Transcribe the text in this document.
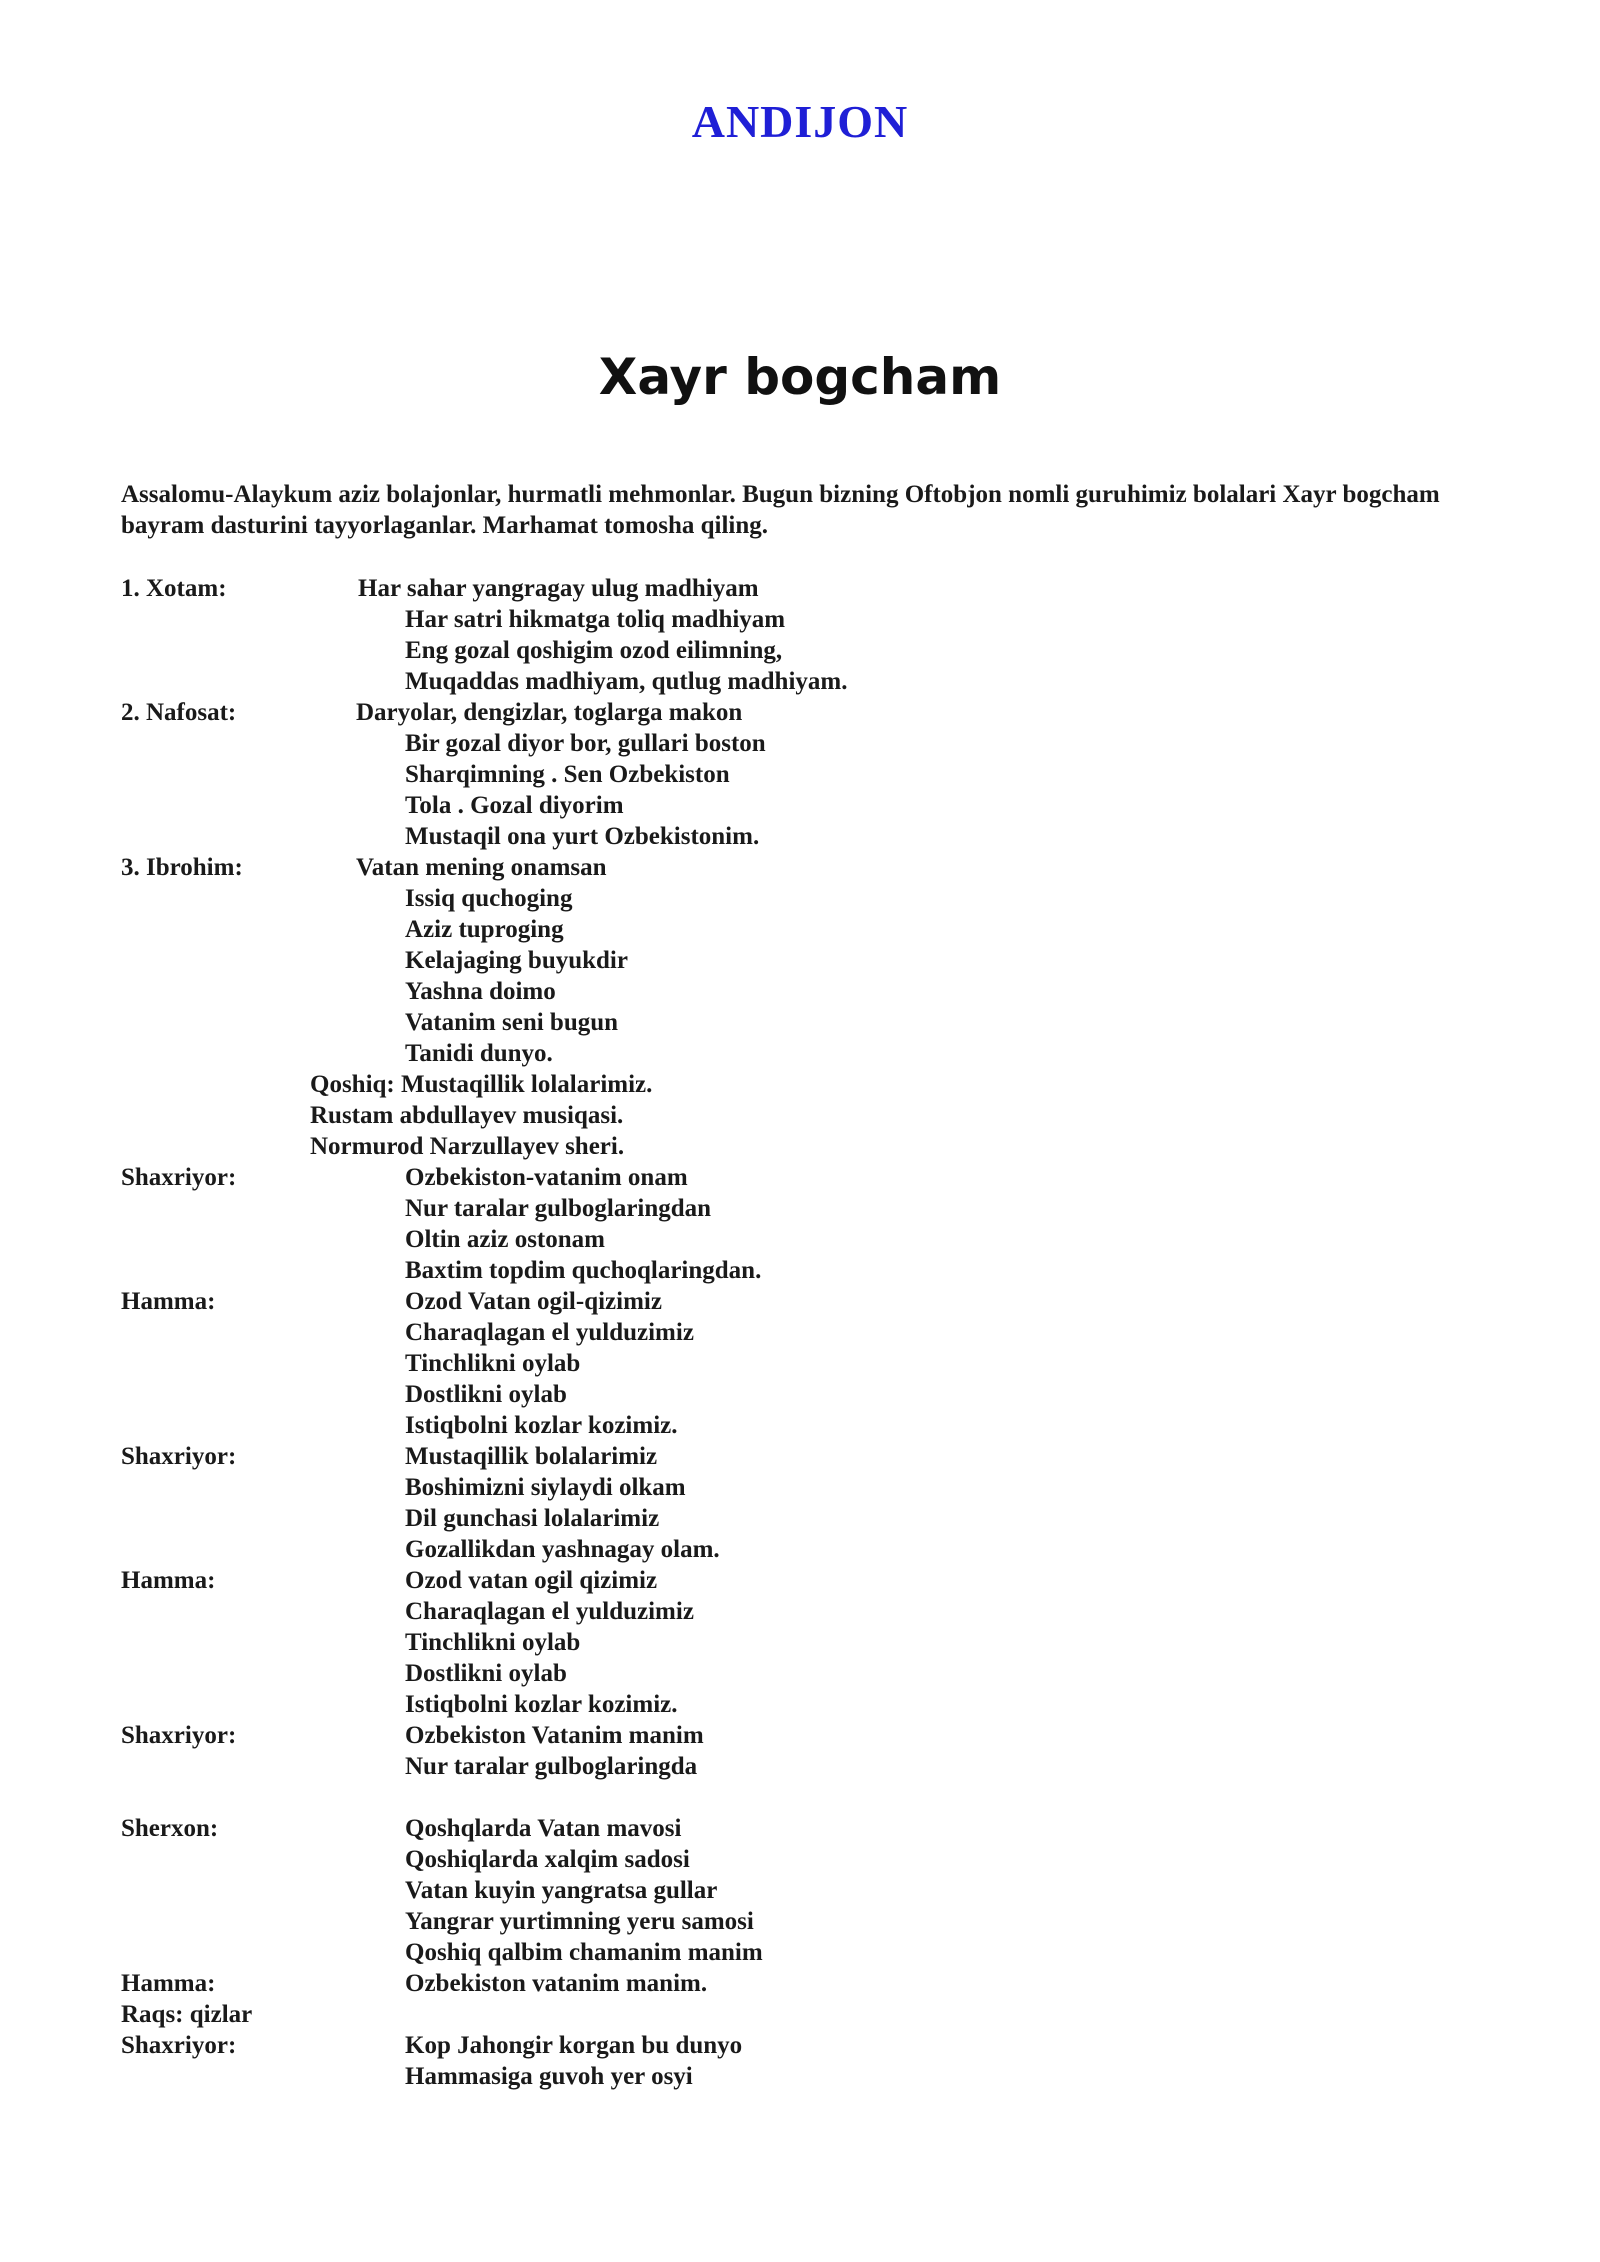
ANDIJON
Xayr bogcham
Assalomu-Alaykum aziz bolajonlar, hurmatli mehmonlar. Bugun bizning Oftobjon nomli guruhimiz bolalari Xayr bogcham bayram dasturini tayyorlaganlar. Marhamat tomosha qiling.
1. Xotam:	Har sahar yangragay ulug madhiyam
Har satri hikmatga toliq madhiyam
Eng gozal qoshigim ozod eilimning,
Muqaddas madhiyam, qutlug madhiyam.
2. Nafosat:	Daryolar, dengizlar, toglarga makon
Bir gozal diyor bor, gullari boston
Sharqimning . Sen Ozbekiston
Tola . Gozal diyorim
Mustaqil ona yurt Ozbekistonim.
3. Ibrohim:	Vatan mening onamsan
Issiq quchoging
Aziz tuproging
Kelajaging buyukdir
Yashna doimo
Vatanim seni bugun
Tanidi dunyo.
Qoshiq: Mustaqillik lolalarimiz.
Rustam abdullayev musiqasi.
Normurod Narzullayev sheri.
Shaxriyor:	Ozbekiston-vatanim onam
Nur taralar gulboglaringdan
Oltin aziz ostonam
Baxtim topdim quchoqlaringdan.
Hamma:	Ozod Vatan ogil-qizimiz
Charaqlagan el yulduzimiz
Tinchlikni oylab
Dostlikni oylab
Istiqbolni kozlar kozimiz.
Shaxriyor:	Mustaqillik bolalarimiz
Boshimizni siylaydi olkam
Dil gunchasi lolalarimiz
Gozallikdan yashnagay olam.
Hamma:	Ozod vatan ogil qizimiz
Charaqlagan el yulduzimiz
Tinchlikni oylab
Dostlikni oylab
Istiqbolni kozlar kozimiz.
Shaxriyor:	Ozbekiston Vatanim manim
Nur taralar gulboglaringda
Sherxon:	Qoshqlarda Vatan mavosi
Qoshiqlarda xalqim sadosi
Vatan kuyin yangratsa gullar
Yangrar yurtimning yeru samosi
Qoshiq qalbim chamanim manim
Hamma:	Ozbekiston vatanim manim.
Raqs: qizlar
Shaxriyor:	Kop Jahongir korgan bu dunyo
Hammasiga guvoh yer osyi
